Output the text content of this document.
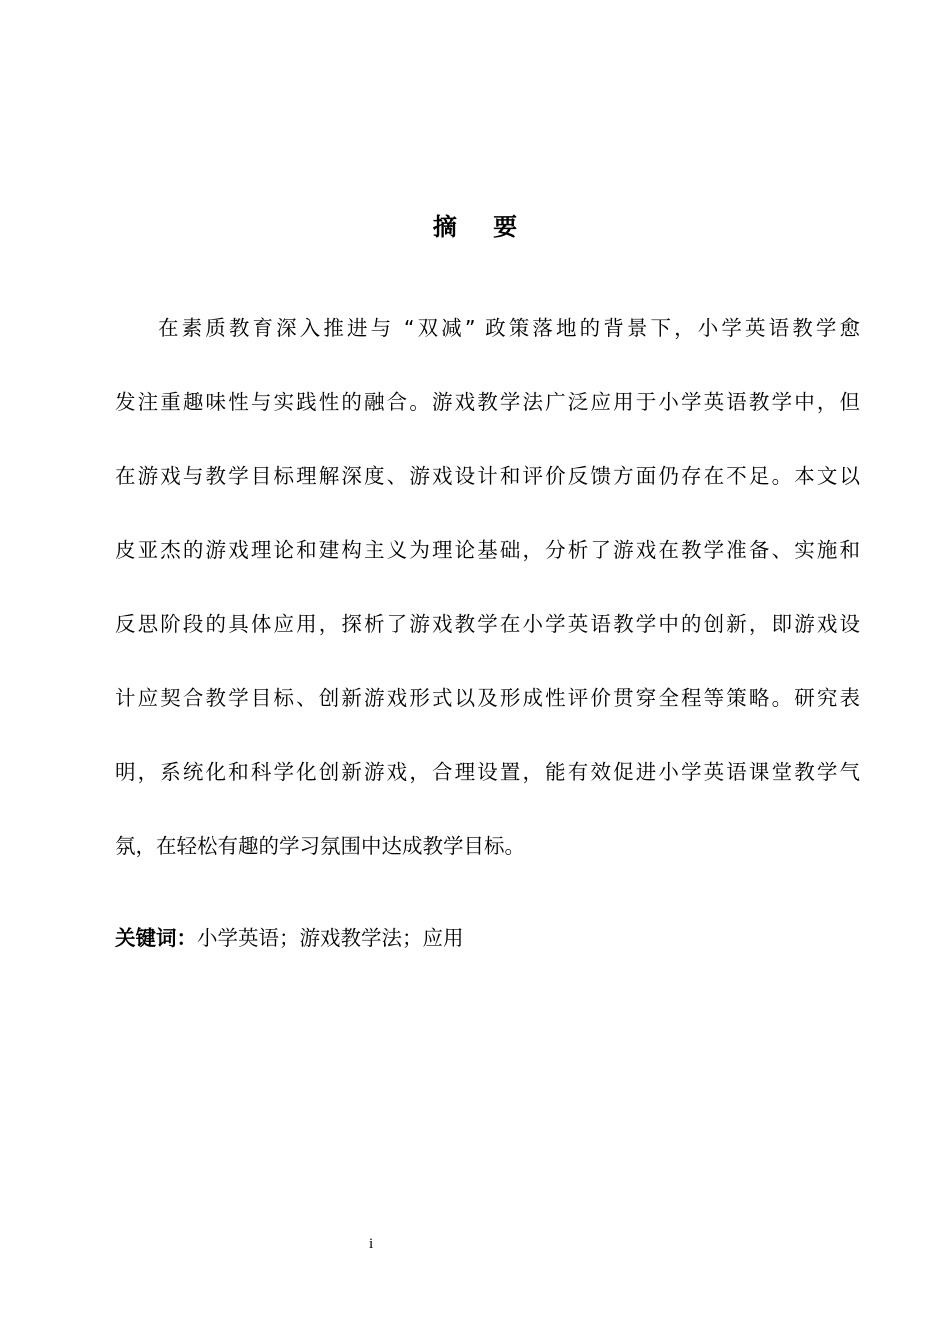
摘 要
在素质教育深入推进与 “双减” 政策落地的背景下，小学英语教学愈
发注重趣味性与实践性的融合。游戏教学法广泛应用于小学英语教学中，但
在游戏与教学目标理解深度、游戏设计和评价反馈方面仍存在不足。本文以
皮亚杰的游戏理论和建构主义为理论基础，分析了游戏在教学准备、实施和
反思阶段的具体应用，探析了游戏教学在小学英语教学中的创新，即游戏设
计应契合教学目标、创新游戏形式以及形成性评价贯穿全程等策略。研究表
明，系统化和科学化创新游戏，合理设置，能有效促进小学英语课堂教学气
氛，在轻松有趣的学习氛围中达成教学目标。
关键词：小学英语；游戏教学法；应用
i
